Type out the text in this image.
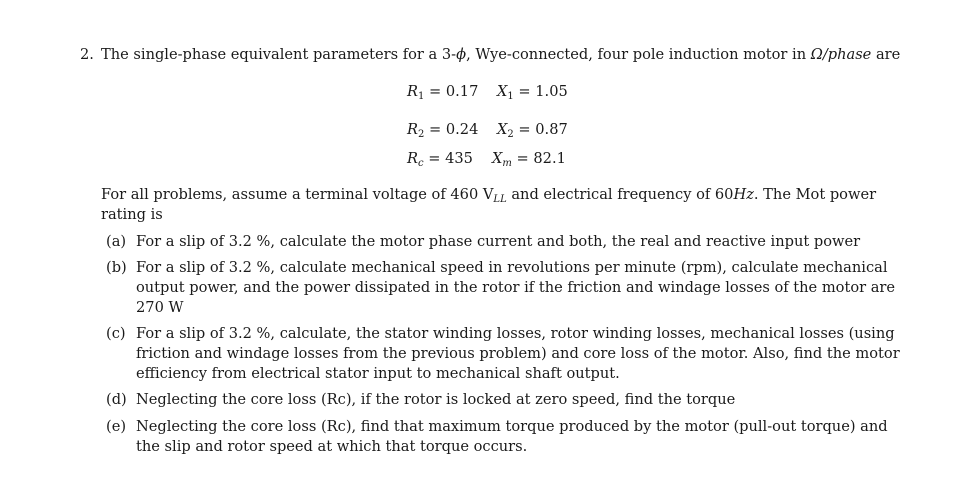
2. The single-phase equivalent parameters for a 3-ϕ, Wye-connected, four pole induction motor in Ω/phase are
$R_1 = 0.17$ $X_1 = 1.05$
$R_2 = 0.24$ $X_2 = 0.87$
$R_c = 435$ $X_m = 82.1$
For all problems, assume a terminal voltage of 460 $V_{LL}$ and electrical frequency of 60Hz. The Mot power
rating is
(a) For a slip of 3.2 %, calculate the motor phase current and both, the real and reactive input power
(b) For a slip of 3.2 %, calculate mechanical speed in revolutions per minute (rpm), calculate mechanical
output power, and the power dissipated in the rotor if the friction and windage losses of the motor are
270 W
(c) For a slip of 3.2 %, calculate, the stator winding losses, rotor winding losses, mechanical losses (using
friction and windage losses from the previous problem) and core loss of the motor. Also, find the motor
efficiency from electrical stator input to mechanical shaft output.
(d) Neglecting the core loss (Rc), if the rotor is locked at zero speed, find the torque
(e) Neglecting the core loss (Rc), find that maximum torque produced by the motor (pull-out torque) and
the slip and rotor speed at which that torque occurs.
